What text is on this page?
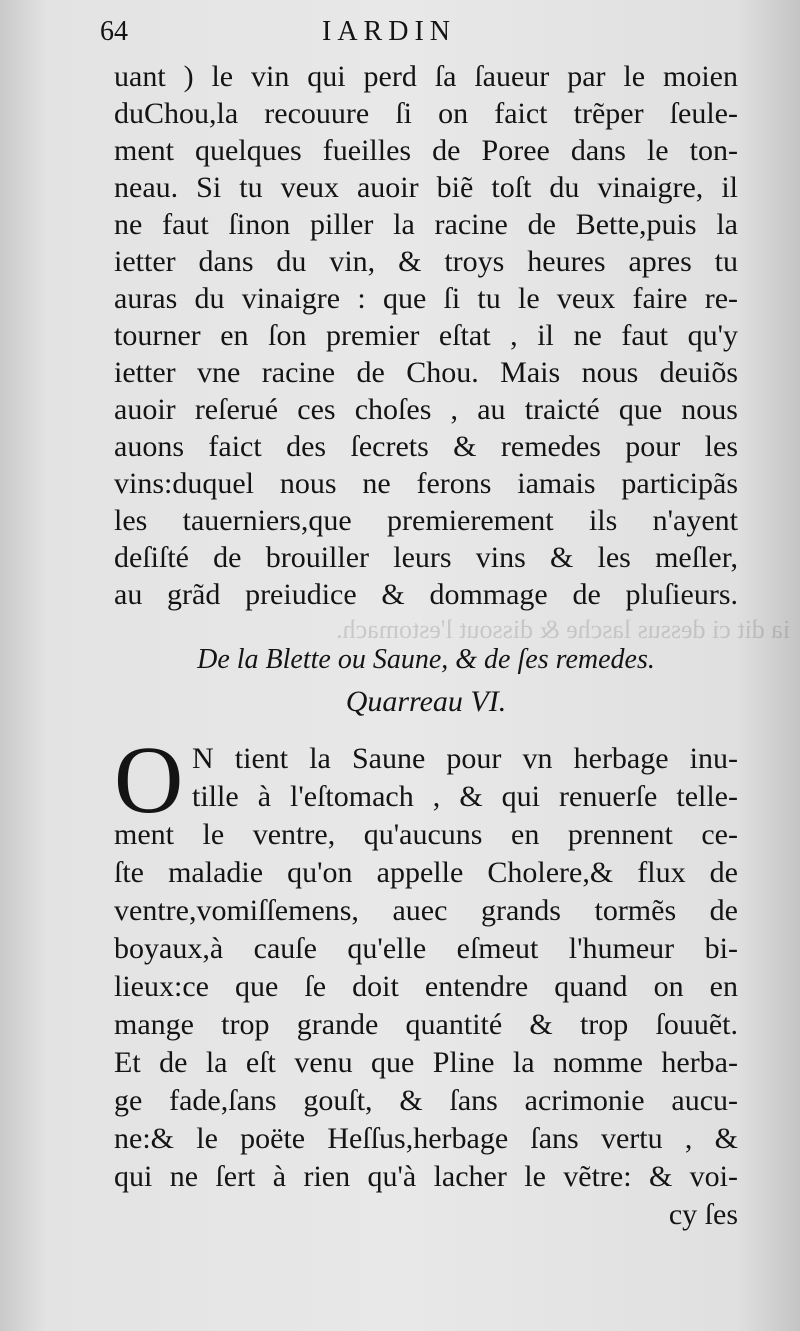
ia dit ci dessus lasche & dissout l'estomach.
64	IARDIN
uant ) le vin qui perd ſa ſaueur par le moien
duChou,la recouure ſi on faict trẽper ſeule-
ment quelques fueilles de Poree dans le ton-
neau. Si tu veux auoir biẽ toſt du vinaigre, il
ne faut ſinon piller la racine de Bette,puis la
ietter dans du vin, & troys heures apres tu
auras du vinaigre : que ſi tu le veux faire re-
tourner en ſon premier eſtat , il ne faut qu'y
ietter vne racine de Chou. Mais nous deuiõs
auoir reſerué ces choſes , au traicté que nous
auons faict des ſecrets & remedes pour les
vins:duquel nous ne ferons iamais participãs
les tauerniers,que premierement ils n'ayent
deſiſté de brouiller leurs vins & les meſler,
au grãd preiudice & dommage de pluſieurs.
De la Blette ou Saune, & de ſes remedes.
Quarreau VI.
O N tient la Saune pour vn herbage inu-
tille à l'eſtomach , & qui renuerſe telle-
ment le ventre, qu'aucuns en prennent ce-
ſte maladie qu'on appelle Cholere,& flux de
ventre,vomiſſemens, auec grands tormẽs de
boyaux,à cauſe qu'elle eſmeut l'humeur bi-
lieux:ce que ſe doit entendre quand on en
mange trop grande quantité & trop ſouuẽt.
Et de la eſt venu que Pline la nomme herba-
ge fade,ſans gouſt, & ſans acrimonie aucu-
ne:& le poëte Heſſus,herbage ſans vertu , &
qui ne ſert à rien qu'à lacher le vẽtre: & voi-
cy ſes
